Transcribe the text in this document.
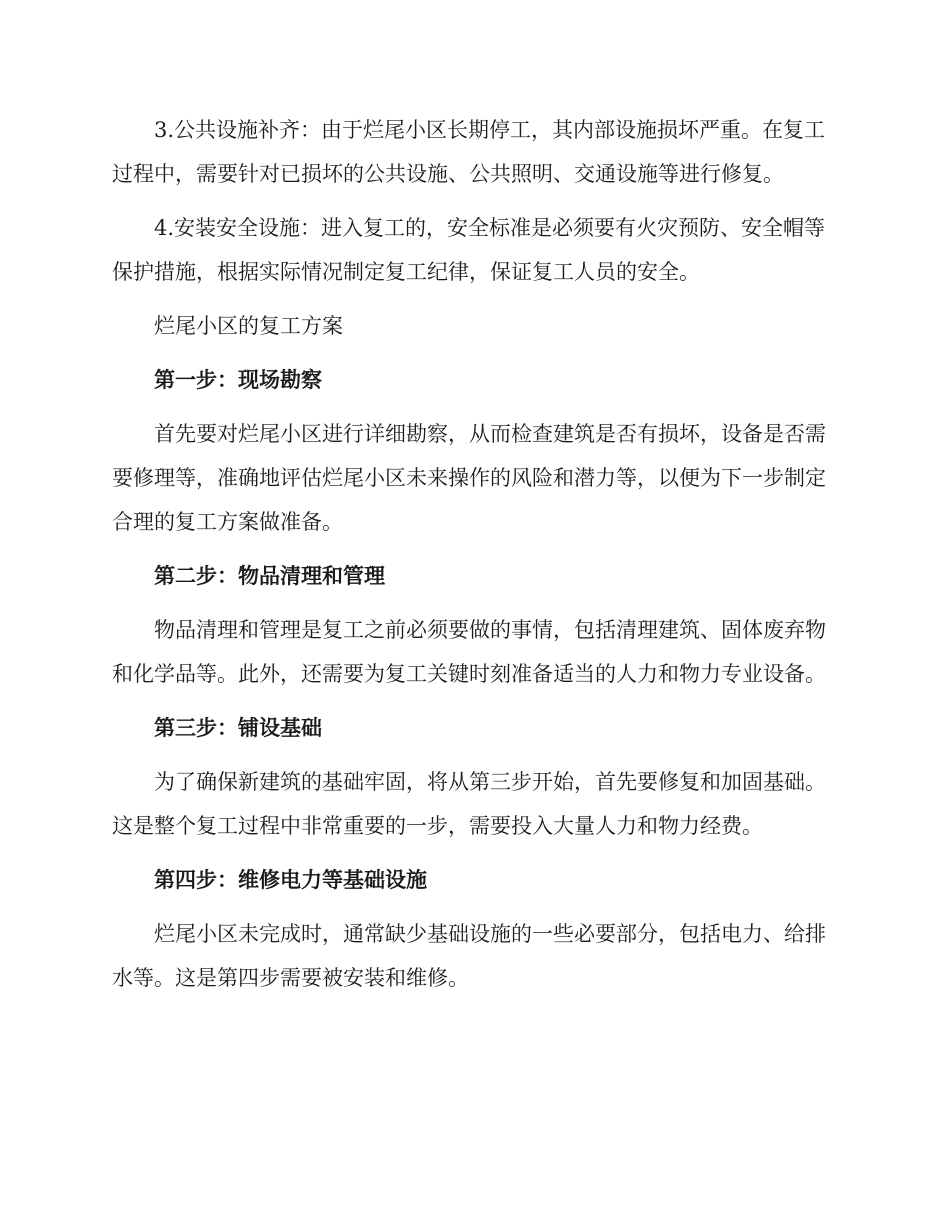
3.公共设施补齐：由于烂尾小区长期停工，其内部设施损坏严重。在复工过程中，需要针对已损坏的公共设施、公共照明、交通设施等进行修复。

4.安装安全设施：进入复工的，安全标准是必须要有火灾预防、安全帽等保护措施，根据实际情况制定复工纪律，保证复工人员的安全。

烂尾小区的复工方案

第一步：现场勘察

首先要对烂尾小区进行详细勘察，从而检查建筑是否有损坏，设备是否需要修理等，准确地评估烂尾小区未来操作的风险和潜力等，以便为下一步制定合理的复工方案做准备。

第二步：物品清理和管理

物品清理和管理是复工之前必须要做的事情，包括清理建筑、固体废弃物和化学品等。此外，还需要为复工关键时刻准备适当的人力和物力专业设备。

第三步：铺设基础

为了确保新建筑的基础牢固，将从第三步开始，首先要修复和加固基础。这是整个复工过程中非常重要的一步，需要投入大量人力和物力经费。

第四步：维修电力等基础设施

烂尾小区未完成时，通常缺少基础设施的一些必要部分，包括电力、给排水等。这是第四步需要被安装和维修。
